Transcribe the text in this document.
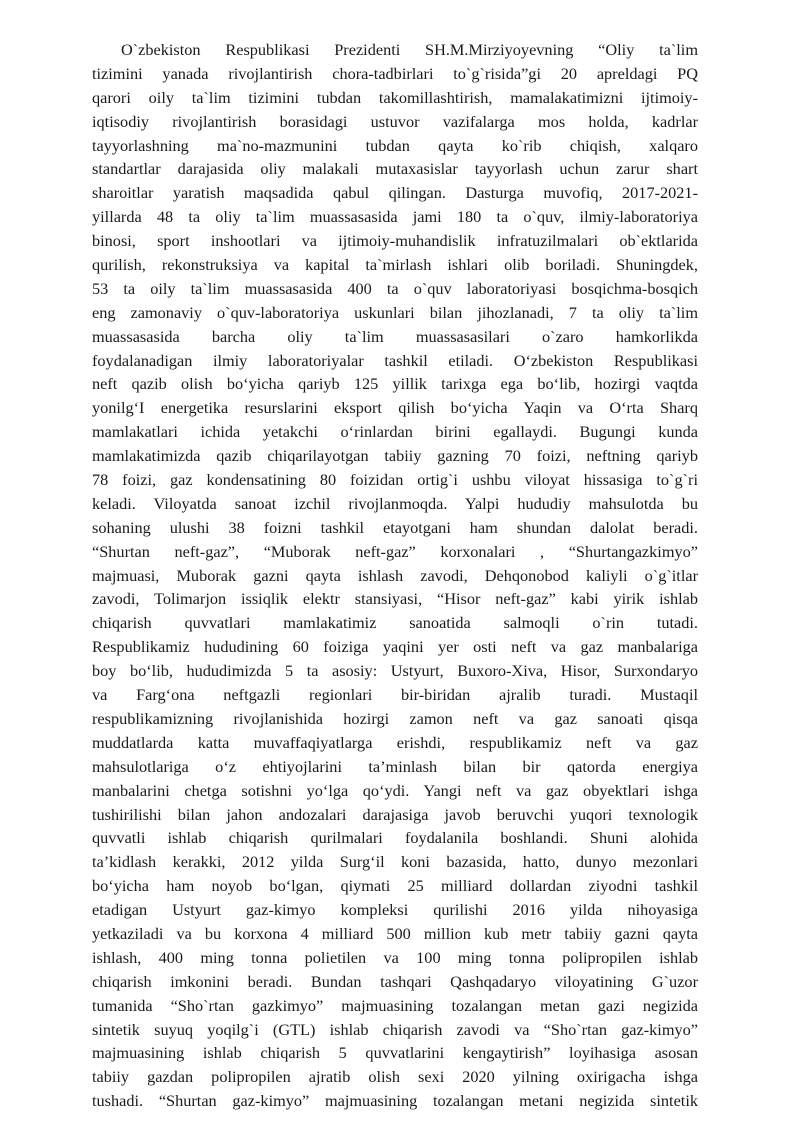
O`zbekiston Respublikasi Prezidenti SH.M.Mirziyoyevning “Oliy ta`lim
tizimini yanada rivojlantirish chora-tadbirlari to`g`risida”gi 20 apreldagi PQ
qarori oily ta`lim tizimini tubdan takomillashtirish, mamalakatimizni ijtimoiy-
iqtisodiy rivojlantirish borasidagi ustuvor vazifalarga mos holda, kadrlar
tayyorlashning ma`no-mazmunini tubdan qayta ko`rib chiqish, xalqaro
standartlar darajasida oliy malakali mutaxasislar tayyorlash uchun zarur shart
sharoitlar yaratish maqsadida qabul qilingan. Dasturga muvofiq, 2017-2021-
yillarda 48 ta oliy ta`lim muassasasida jami 180 ta o`quv, ilmiy-laboratoriya
binosi, sport inshootlari va ijtimoiy-muhandislik infratuzilmalari ob`ektlarida
qurilish, rekonstruksiya va kapital ta`mirlash ishlari olib boriladi. Shuningdek,
53 ta oily ta`lim muassasasida 400 ta o`quv laboratoriyasi bosqichma-bosqich
eng zamonaviy o`quv-laboratoriya uskunlari bilan jihozlanadi, 7 ta oliy ta`lim
muassasasida barcha oliy ta`lim muassasasilari o`zaro hamkorlikda
foydalanadigan ilmiy laboratoriyalar tashkil etiladi. O‘zbekiston Respublikasi
neft qazib olish bo‘yicha qariyb 125 yillik tarixga ega bo‘lib, hozirgi vaqtda
yonilg‘I energetika resurslarini eksport qilish bo‘yicha Yaqin va O‘rta Sharq
mamlakatlari ichida yetakchi o‘rinlardan birini egallaydi. Bugungi kunda
mamlakatimizda qazib chiqarilayotgan tabiiy gazning 70 foizi, neftning qariyb
78 foizi, gaz kondensatining 80 foizidan ortig`i ushbu viloyat hissasiga to`g`ri
keladi. Viloyatda sanoat izchil rivojlanmoqda. Yalpi hududiy mahsulotda bu
sohaning ulushi 38 foizni tashkil etayotgani ham shundan dalolat beradi.
“Shurtan neft-gaz”, “Muborak neft-gaz” korxonalari , “Shurtangazkimyo”
majmuasi, Muborak gazni qayta ishlash zavodi, Dehqonobod kaliyli o`g`itlar
zavodi, Tolimarjon issiqlik elektr stansiyasi, “Hisor neft-gaz” kabi yirik ishlab
chiqarish quvvatlari mamlakatimiz sanoatida salmoqli o`rin tutadi.
Respublikamiz hududining 60 foiziga yaqini yer osti neft va gaz manbalariga
boy bo‘lib, hududimizda 5 ta asosiy: Ustyurt, Buxoro-Xiva, Hisor, Surxondaryo
va Farg‘ona neftgazli regionlari bir-biridan ajralib turadi. Mustaqil
respublikamizning rivojlanishida hozirgi zamon neft va gaz sanoati qisqa
muddatlarda katta muvaffaqiyatlarga erishdi, respublikamiz neft va gaz
mahsulotlariga o‘z ehtiyojlarini ta’minlash bilan bir qatorda energiya
manbalarini chetga sotishni yo‘lga qo‘ydi. Yangi neft va gaz obyektlari ishga
tushirilishi bilan jahon andozalari darajasiga javob beruvchi yuqori texnologik
quvvatli ishlab chiqarish qurilmalari foydalanila boshlandi. Shuni alohida
ta’kidlash kerakki, 2012 yilda Surg‘il koni bazasida, hatto, dunyo mezonlari
bo‘yicha ham noyob bo‘lgan, qiymati 25 milliard dollardan ziyodni tashkil
etadigan Ustyurt gaz-kimyo kompleksi qurilishi 2016 yilda nihoyasiga
yetkaziladi va bu korxona 4 milliard 500 million kub metr tabiiy gazni qayta
ishlash, 400 ming tonna polietilen va 100 ming tonna polipropilen ishlab
chiqarish imkonini beradi. Bundan tashqari Qashqadaryo viloyatining G`uzor
tumanida “Sho`rtan gazkimyo” majmuasining tozalangan metan gazi negizida
sintetik suyuq yoqilg`i (GTL) ishlab chiqarish zavodi va “Sho`rtan gaz-kimyo”
majmuasining ishlab chiqarish 5 quvvatlarini kengaytirish” loyihasiga asosan
tabiiy gazdan polipropilen ajratib olish sexi 2020 yilning oxirigacha ishga
tushadi. “Shurtan gaz-kimyo” majmuasining tozalangan metani negizida sintetik
